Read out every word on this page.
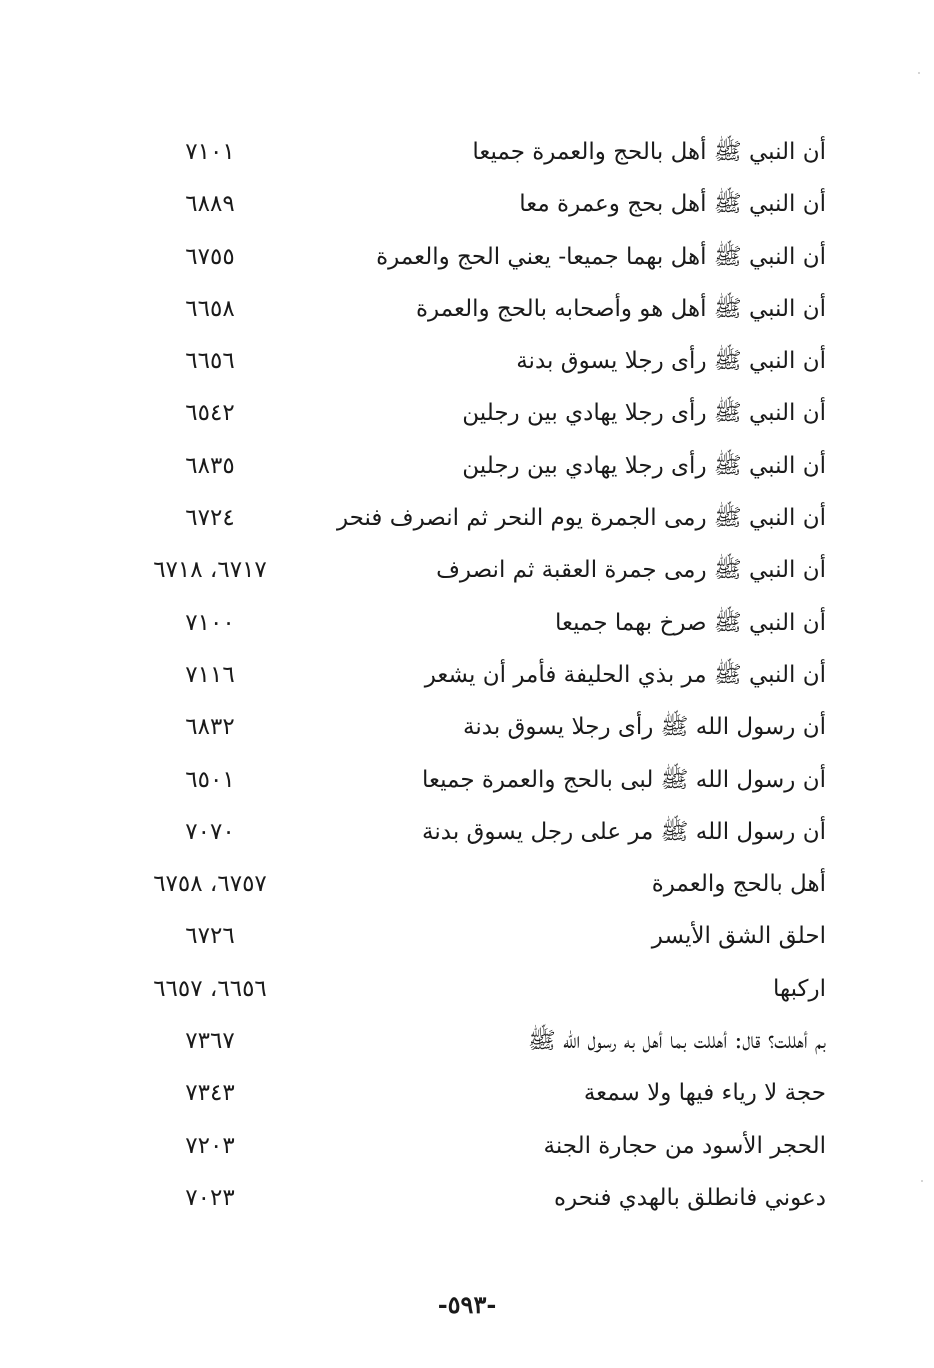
أن النبي ﷺ أهل بالحج والعمرة جميعا
٧١٠١
أن النبي ﷺ أهل بحج وعمرة معا
٦٨٨٩
أن النبي ﷺ أهل بهما جميعا- يعني الحج والعمرة
٦٧٥٥
أن النبي ﷺ أهل هو وأصحابه بالحج والعمرة
٦٦٥٨
أن النبي ﷺ رأى رجلا يسوق بدنة
٦٦٥٦
أن النبي ﷺ رأى رجلا يهادي بين رجلين
٦٥٤٢
أن النبي ﷺ رأى رجلا يهادي بين رجلين
٦٨٣٥
أن النبي ﷺ رمى الجمرة يوم النحر ثم انصرف فنحر
٦٧٢٤
أن النبي ﷺ رمى جمرة العقبة ثم انصرف
٦٧١٧، ٦٧١٨
أن النبي ﷺ صرخ بهما جميعا
٧١٠٠
أن النبي ﷺ مر بذي الحليفة فأمر أن يشعر
٧١١٦
أن رسول الله ﷺ رأى رجلا يسوق بدنة
٦٨٣٢
أن رسول الله ﷺ لبى بالحج والعمرة جميعا
٦٥٠١
أن رسول الله ﷺ مر على رجل يسوق بدنة
٧٠٧٠
أهل بالحج والعمرة
٦٧٥٧، ٦٧٥٨
احلق الشق الأيسر
٦٧٢٦
اركبها
٦٦٥٦، ٦٦٥٧
بم أهللت؟ قال: أهللت بما أهل به رسول الله ﷺ
٧٣٦٧
حجة لا رياء فيها ولا سمعة
٧٣٤٣
الحجر الأسود من حجارة الجنة
٧٢٠٣
دعوني فانطلق بالهدي فنحره
٧٠٢٣
-٥٩٣-
